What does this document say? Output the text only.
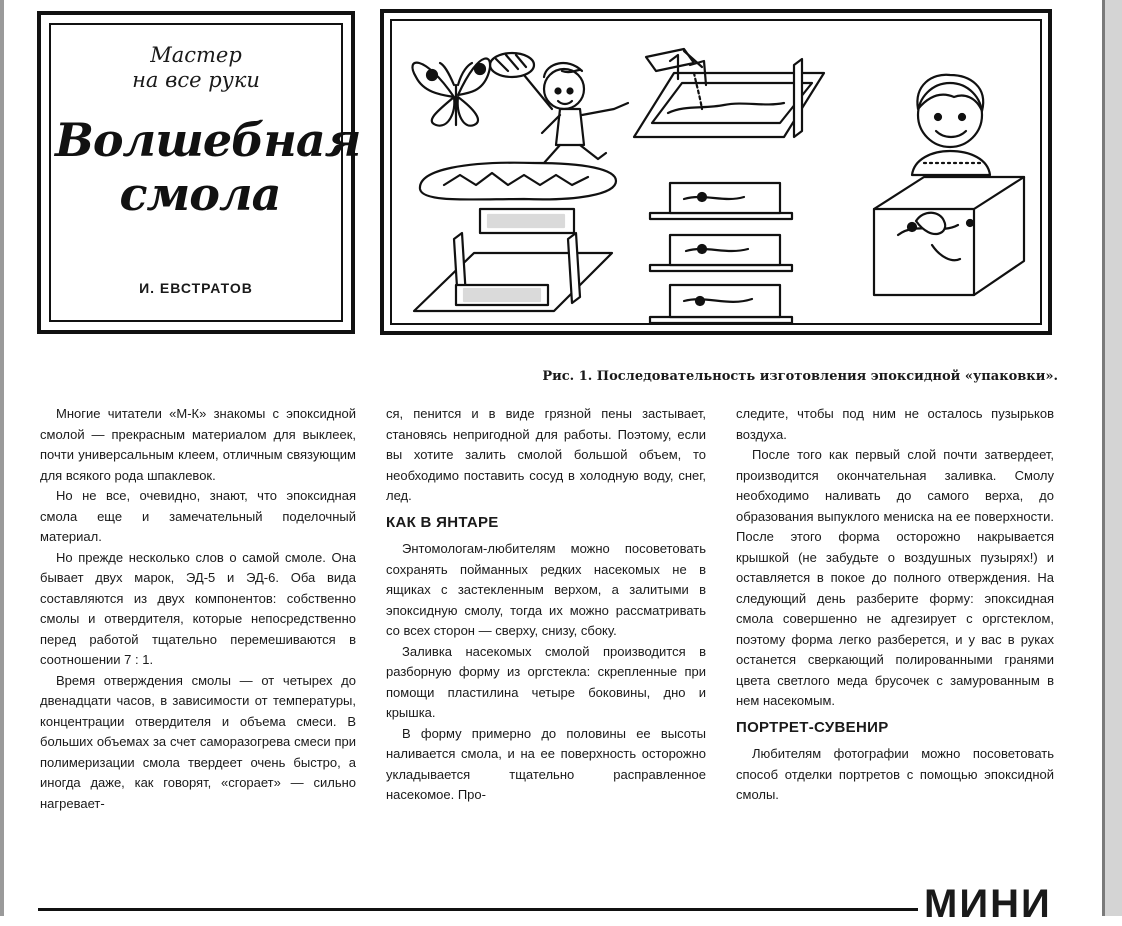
Мастер
на все руки
Волшебная
смола
И. ЕВСТРАТОВ
Рис. 1. Последовательность изготовления эпоксидной «упаковки».

Многие читатели «М-К» знакомы с эпоксидной смолой — прекрасным материалом для выклеек, почти универсальным клеем, отличным связующим для всякого рода шпаклевок.

Но не все, очевидно, знают, что эпоксидная смола еще и замечательный поделочный материал.

Но прежде несколько слов о самой смоле. Она бывает двух марок, ЭД-5 и ЭД-6. Оба вида составляются из двух компонентов: собственно смолы и отвердителя, которые непосредственно перед работой тщательно перемешиваются в соотношении 7 : 1.

Время отверждения смолы — от четырех до двенадцати часов, в зависимости от температуры, концентрации отвердителя и объема смеси. В больших объемах за счет саморазогрева смеси при полимеризации смола твердеет очень быстро, а иногда даже, как говорят, «сгорает» — сильно нагревает-

ся, пенится и в виде грязной пены застывает, становясь непригодной для работы. Поэтому, если вы хотите залить смолой большой объем, то необходимо поставить сосуд в холодную воду, снег, лед.

КАК В ЯНТАРЕ

Энтомологам-любителям можно посоветовать сохранять пойманных редких насекомых не в ящиках с застекленным верхом, а залитыми в эпоксидную смолу, тогда их можно рассматривать со всех сторон — сверху, снизу, сбоку.

Заливка насекомых смолой производится в разборную форму из оргстекла: скрепленные при помощи пластилина четыре боковины, дно и крышка.

В форму примерно до половины ее высоты наливается смола, и на ее поверхность осторожно укладывается тщательно расправленное насекомое. Про-

следите, чтобы под ним не осталось пузырьков воздуха.

После того как первый слой почти затвердеет, производится окончательная заливка. Смолу необходимо наливать до самого верха, до образования выпуклого мениска на ее поверхности. После этого форма осторожно накрывается крышкой (не забудьте о воздушных пузырях!) и оставляется в покое до полного отверждения. На следующий день разберите форму: эпоксидная смола совершенно не адгезирует с оргстеклом, поэтому форма легко разберется, и у вас в руках останется сверкающий полированными гранями цвета светлого меда брусочек с замурованным в нем насекомым.

ПОРТРЕТ-СУВЕНИР

Любителям фотографии можно посоветовать способ отделки портретов с помощью эпоксидной смолы.

МИНИ
